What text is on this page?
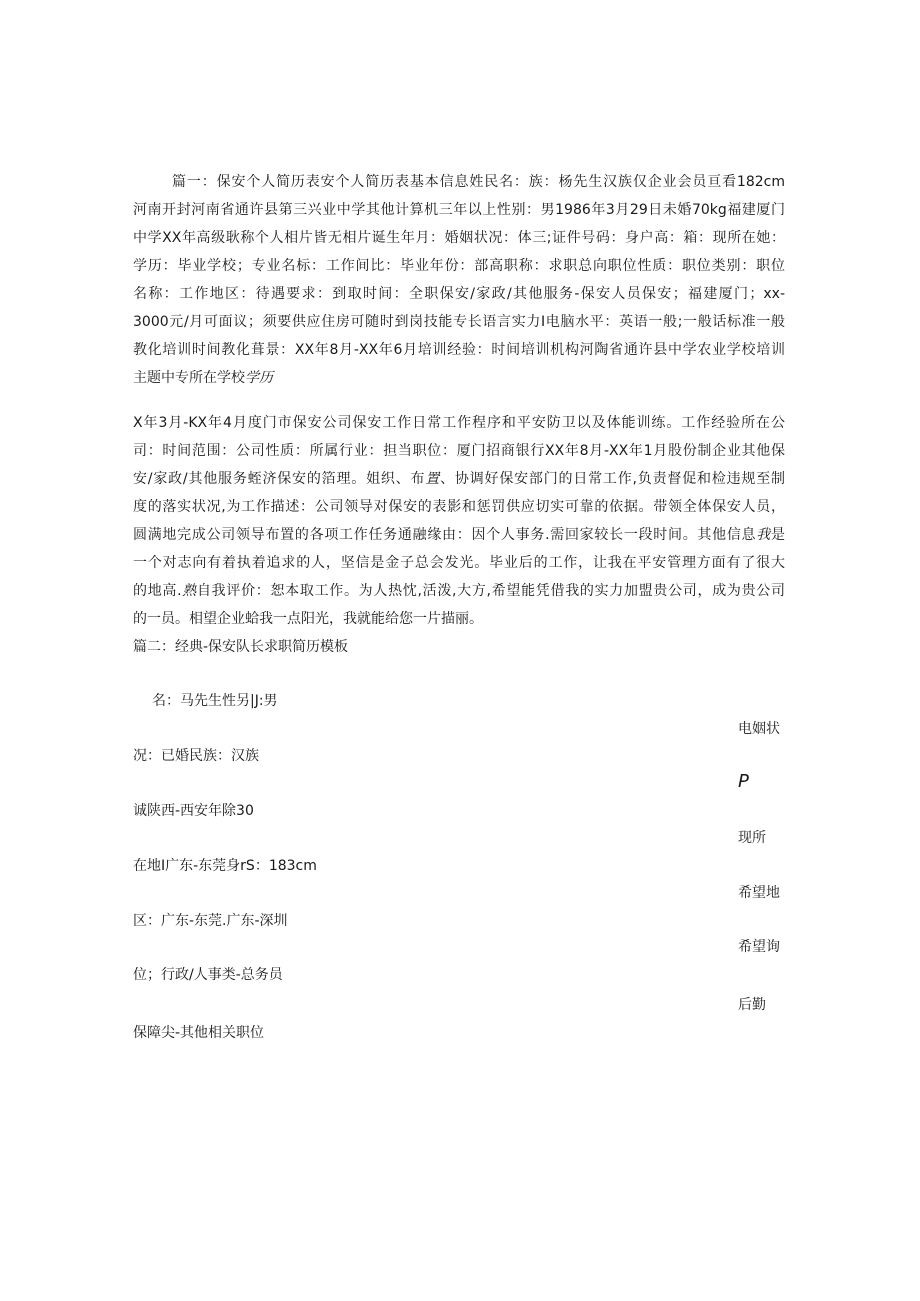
篇一：保安个人简历表安个人简历表基本信息姓民名：族：杨先生汉族仅企业会员亘看182cm
河南开封河南省通许县第三兴业中学其他计算机三年以上性别：男1986年3月29日未婚70kg福建厦门
中学XX年高级耿称个人相片皆无相片诞生年月：婚姻状况：体三;证件号码：身户高：箱：现所在她：
学历：毕业学校；专业名标：工作间比：毕业年份：部高职称：求职总向职位性质：职位类别：职位
名称：工作地区：待遇要求：到取时间：全职保安/家政/其他服务-保安人员保安；福建厦门；xx-
3000元/月可面议；须要供应住房可随时到岗技能专长语言实力I电脑水平：英语一般;一般话标准一般
教化培训时间教化葺景：XX年8月-XX年6月培训经验：时间培训机构河陶省通许县中学农业学校培训
主题中专所在学校学历
X年3月-KX年4月度门市保安公司保安工作日常工作程序和平安防卫以及体能训练。工作经验所在公
司：时间范围：公司性质：所属行业：担当职位：厦门招商银行XX年8月-XX年1月股份制企业其他保
安/家政/其他服务蛭济保安的箔理。姐织、布置、协调好保安部门的日常工作,负责督促和检违规至制
度的落实状况,为工作描述：公司领导对保安的表影和惩罚供应切实可靠的依据。带领全体保安人员，
圆满地完成公司领导布置的各项工作任务通融缘由：因个人事务.需回家较长一段时间。其他信息我是
一个对志向有着执着追求的人，坚信是金子总会发光。毕业后的工作，让我在平安管理方面有了很大
的地高.熟自我评价：恕本取工作。为人热忱,活泼,大方,希望能凭借我的实力加盟贵公司，成为贵公司
的一员。相望企业蛤我一点阳光，我就能给您一片描丽。
篇二：经典-保安队长求职简历模板
名：马先生性另|J:男
电姻状
况：已婚民族：汉族
P
诚陕西-西安年除30
现所
在地I广东-东莞身rS：183cm
希望地
区：广东-东莞.广东-深圳
希望询
位；行政/人事类-总务员
后勤
保障尖-其他相关职位
